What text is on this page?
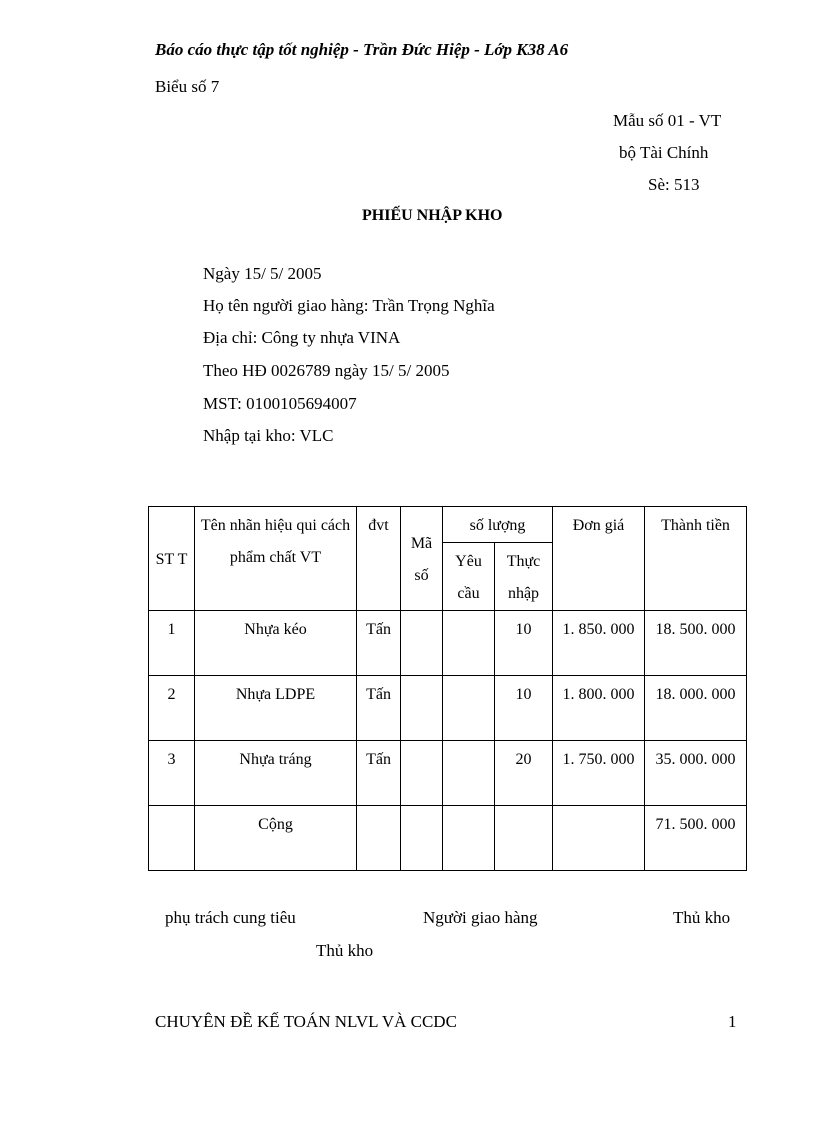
Báo cáo thực tập tốt nghiệp - Trần Đức Hiệp - Lớp K38 A6
Biểu số 7
Mẫu số 01 - VT
bộ Tài Chính
Sè: 513
PHIẾU NHẬP KHO
Ngày 15/ 5/ 2005
Họ tên người giao hàng: Trần Trọng Nghĩa
Địa chỉ: Công ty nhựa VINA
Theo HĐ 0026789 ngày 15/ 5/ 2005
MST: 0100105694007
Nhập tại kho: VLC
ST T	Tên nhãn hiệu qui cách phẩm chất VT	đvt	Mã số	số lượng		Đơn giá	Thành tiền
				Yêu cầu	Thực nhập		
1	Nhựa kéo	Tấn			10	1. 850. 000	18. 500. 000
2	Nhựa LDPE	Tấn			10	1. 800. 000	18. 000. 000
3	Nhựa tráng	Tấn			20	1. 750. 000	35. 000. 000
	Cộng						71. 500. 000
phụ trách cung tiêu	Người giao hàng	Thủ kho
Thủ kho
CHUYÊN ĐỀ KẾ TOÁN NLVL VÀ CCDC	1
